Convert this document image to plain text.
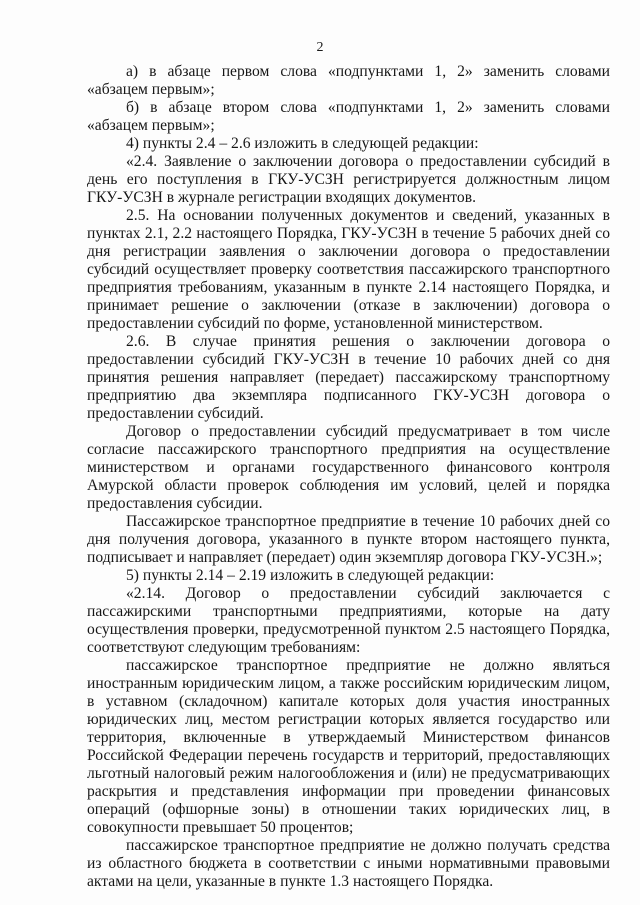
2

а) в абзаце первом слова «подпунктами 1, 2» заменить словами «абзацем первым»;

б) в абзаце втором слова «подпунктами 1, 2» заменить словами «абзацем первым»;

4) пункты 2.4 – 2.6 изложить в следующей редакции:

«2.4. Заявление о заключении договора о предоставлении субсидий в день его поступления в ГКУ-УСЗН регистрируется должностным лицом ГКУ-УСЗН в журнале регистрации входящих документов.

2.5. На основании полученных документов и сведений, указанных в пунктах 2.1, 2.2 настоящего Порядка, ГКУ-УСЗН в течение 5 рабочих дней со дня регистрации заявления о заключении договора о предоставлении субсидий осуществляет проверку соответствия пассажирского транспортного предприятия требованиям, указанным в пункте 2.14 настоящего Порядка, и принимает решение о заключении (отказе в заключении) договора о предоставлении субсидий по форме, установленной министерством.

2.6. В случае принятия решения о заключении договора о предоставлении субсидий ГКУ-УСЗН в течение 10 рабочих дней со дня принятия решения направляет (передает) пассажирскому транспортному предприятию два экземпляра подписанного ГКУ-УСЗН договора о предоставлении субсидий.

Договор о предоставлении субсидий предусматривает в том числе согласие пассажирского транспортного предприятия на осуществление министерством и органами государственного финансового контроля Амурской области проверок соблюдения им условий, целей и порядка предоставления субсидии.

Пассажирское транспортное предприятие в течение 10 рабочих дней со дня получения договора, указанного в пункте втором настоящего пункта, подписывает и направляет (передает) один экземпляр договора ГКУ-УСЗН.»;

5) пункты 2.14 – 2.19 изложить в следующей редакции:

«2.14. Договор о предоставлении субсидий заключается с пассажирскими транспортными предприятиями, которые на дату осуществления проверки, предусмотренной пунктом 2.5 настоящего Порядка, соответствуют следующим требованиям:

пассажирское транспортное предприятие не должно являться иностранным юридическим лицом, а также российским юридическим лицом, в уставном (складочном) капитале которых доля участия иностранных юридических лиц, местом регистрации которых является государство или территория, включенные в утверждаемый Министерством финансов Российской Федерации перечень государств и территорий, предоставляющих льготный налоговый режим налогообложения и (или) не предусматривающих раскрытия и представления информации при проведении финансовых операций (офшорные зоны) в отношении таких юридических лиц, в совокупности превышает 50 процентов;

пассажирское транспортное предприятие не должно получать средства из областного бюджета в соответствии с иными нормативными правовыми актами на цели, указанные в пункте 1.3 настоящего Порядка.
